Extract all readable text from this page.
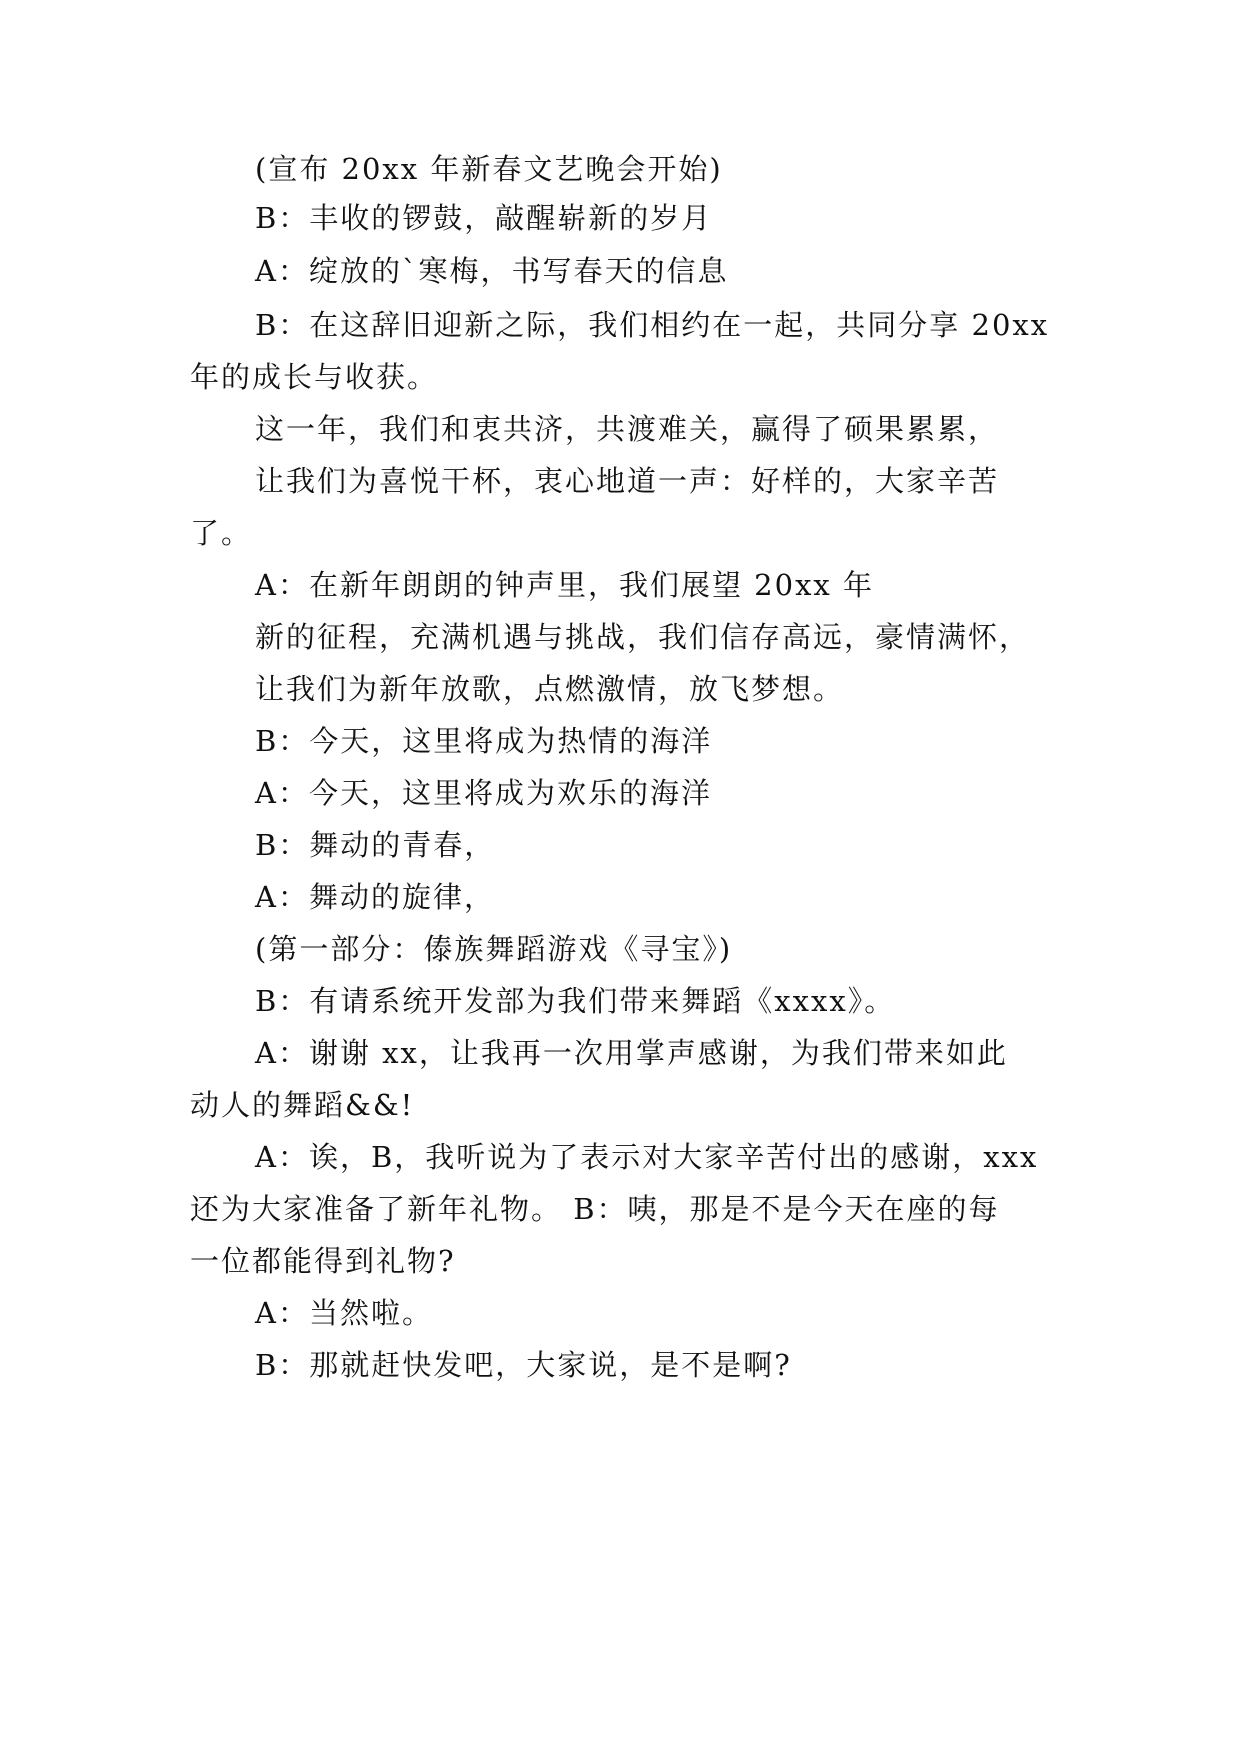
(宣布 20xx 年新春文艺晚会开始)
B：丰收的锣鼓，敲醒崭新的岁月
A：绽放的`寒梅，书写春天的信息
B：在这辞旧迎新之际，我们相约在一起，共同分享 20xx
年的成长与收获。
这一年，我们和衷共济，共渡难关，赢得了硕果累累，
让我们为喜悦干杯，衷心地道一声：好样的，大家辛苦
了。
A：在新年朗朗的钟声里，我们展望 20xx 年
新的征程，充满机遇与挑战，我们信存高远，豪情满怀，
让我们为新年放歌，点燃激情，放飞梦想。
B：今天，这里将成为热情的海洋
A：今天，这里将成为欢乐的海洋
B：舞动的青春，
A：舞动的旋律，
(第一部分：傣族舞蹈游戏《寻宝》)
B：有请系统开发部为我们带来舞蹈《xxxx》。
A：谢谢 xx，让我再一次用掌声感谢，为我们带来如此
动人的舞蹈&&!
A：诶，B，我听说为了表示对大家辛苦付出的感谢，xxx
还为大家准备了新年礼物。 B：咦，那是不是今天在座的每
一位都能得到礼物?
A：当然啦。
B：那就赶快发吧，大家说，是不是啊?
